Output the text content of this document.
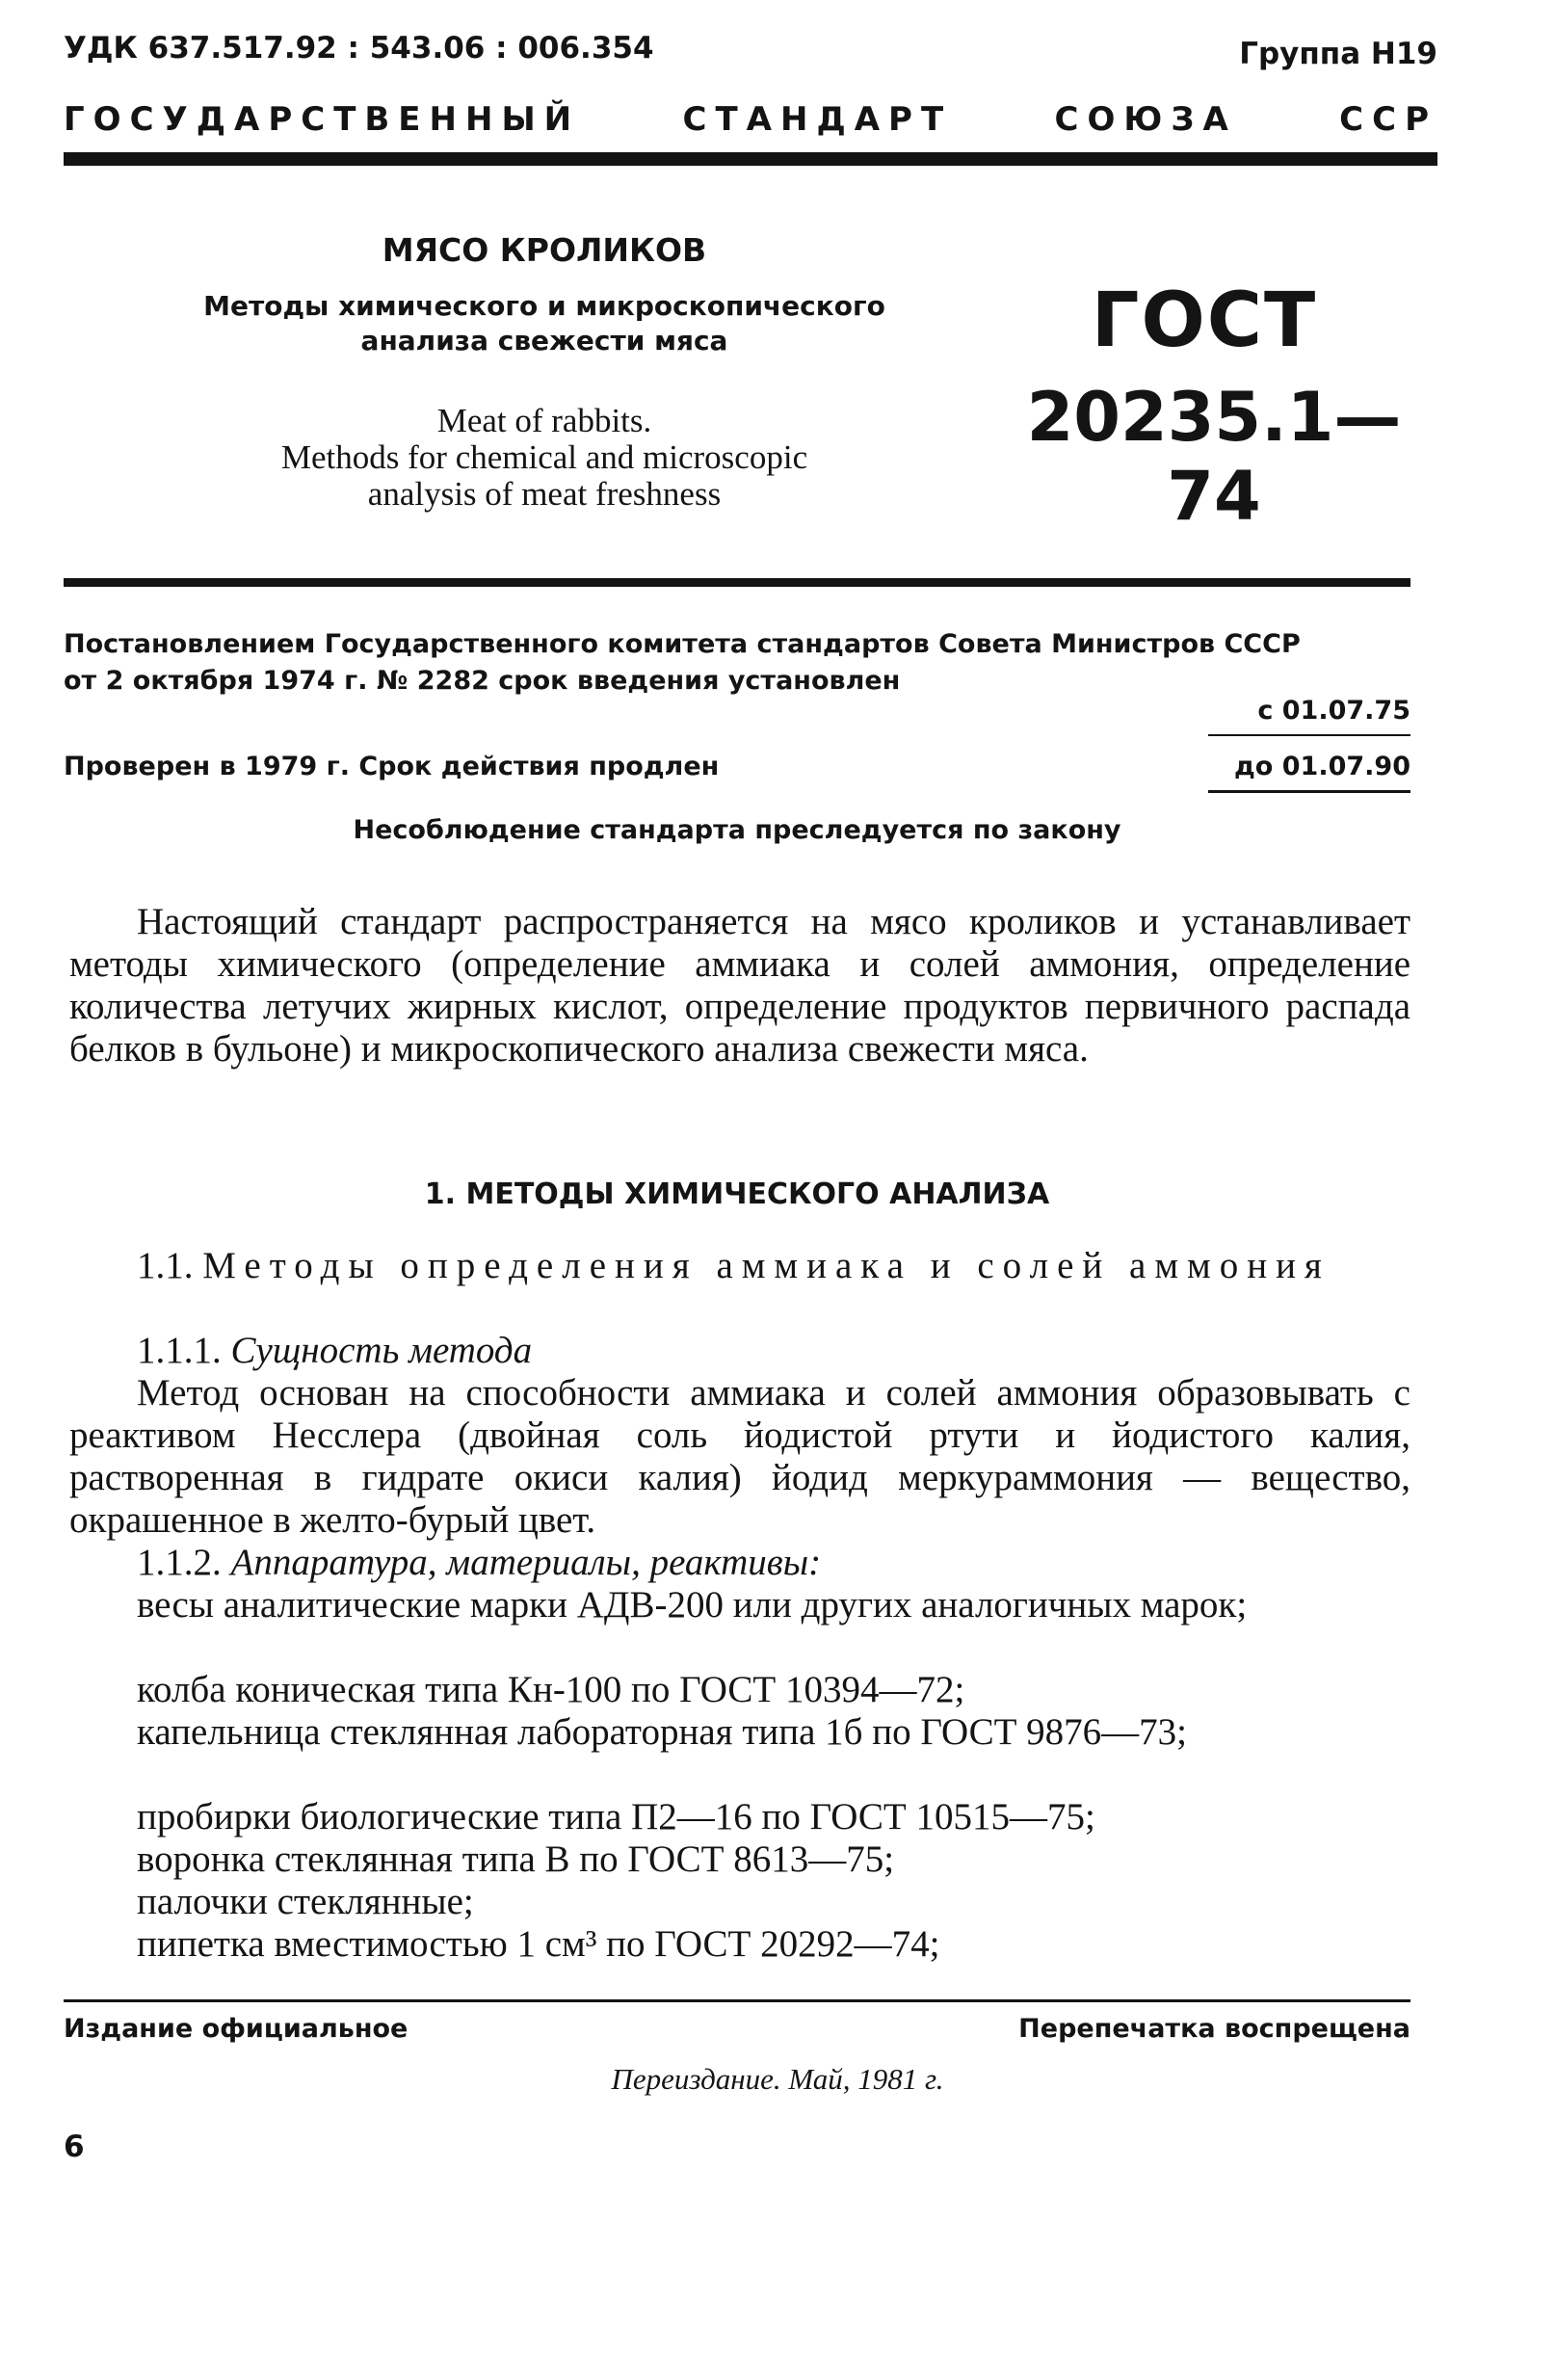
УДК 637.517.92 : 543.06 : 006.354	Группа Н19
ГОСУДАРСТВЕННЫЙ	СТАНДАРТ	СОЮЗА	ССР
МЯСО КРОЛИКОВ
Методы химического и микроскопического
анализа свежести мяса
Meat of rabbits.
Methods for chemical and microscopic
analysis of meat freshness
ГОСТ
20235.1—74
Постановлением Государственного комитета стандартов Совета Министров СССР
от 2 октября 1974 г. № 2282 срок введения установлен
с 01.07.75
Проверен в 1979 г. Срок действия продлен	до 01.07.90
Несоблюдение стандарта преследуется по закону
Настоящий стандарт распространяется на мясо кроликов и устанавливает методы химического (определение аммиака и солей аммония, определение количества летучих жирных кислот, определение продуктов первичного распада белков в бульоне) и микроскопического анализа свежести мяса.
1. МЕТОДЫ ХИМИЧЕСКОГО АНАЛИЗА
1.1. Методы определения аммиака и солей аммония
1.1.1. Сущность метода
Метод основан на способности аммиака и солей аммония образовывать с реактивом Несслера (двойная соль йодистой ртути и йодистого калия, растворенная в гидрате окиси калия) йодид меркураммония — вещество, окрашенное в желто-бурый цвет.
1.1.2. Аппаратура, материалы, реактивы:
весы аналитические марки АДВ-200 или других аналогичных марок;
колба коническая типа Кн-100 по ГОСТ 10394—72;
капельница стеклянная лабораторная типа 1б по ГОСТ 9876—73;
пробирки биологические типа П2—16 по ГОСТ 10515—75;
воронка стеклянная типа В по ГОСТ 8613—75;
палочки стеклянные;
пипетка вместимостью 1 см³ по ГОСТ 20292—74;
Издание официальное	Перепечатка воспрещена
Переиздание. Май, 1981 г.
6
